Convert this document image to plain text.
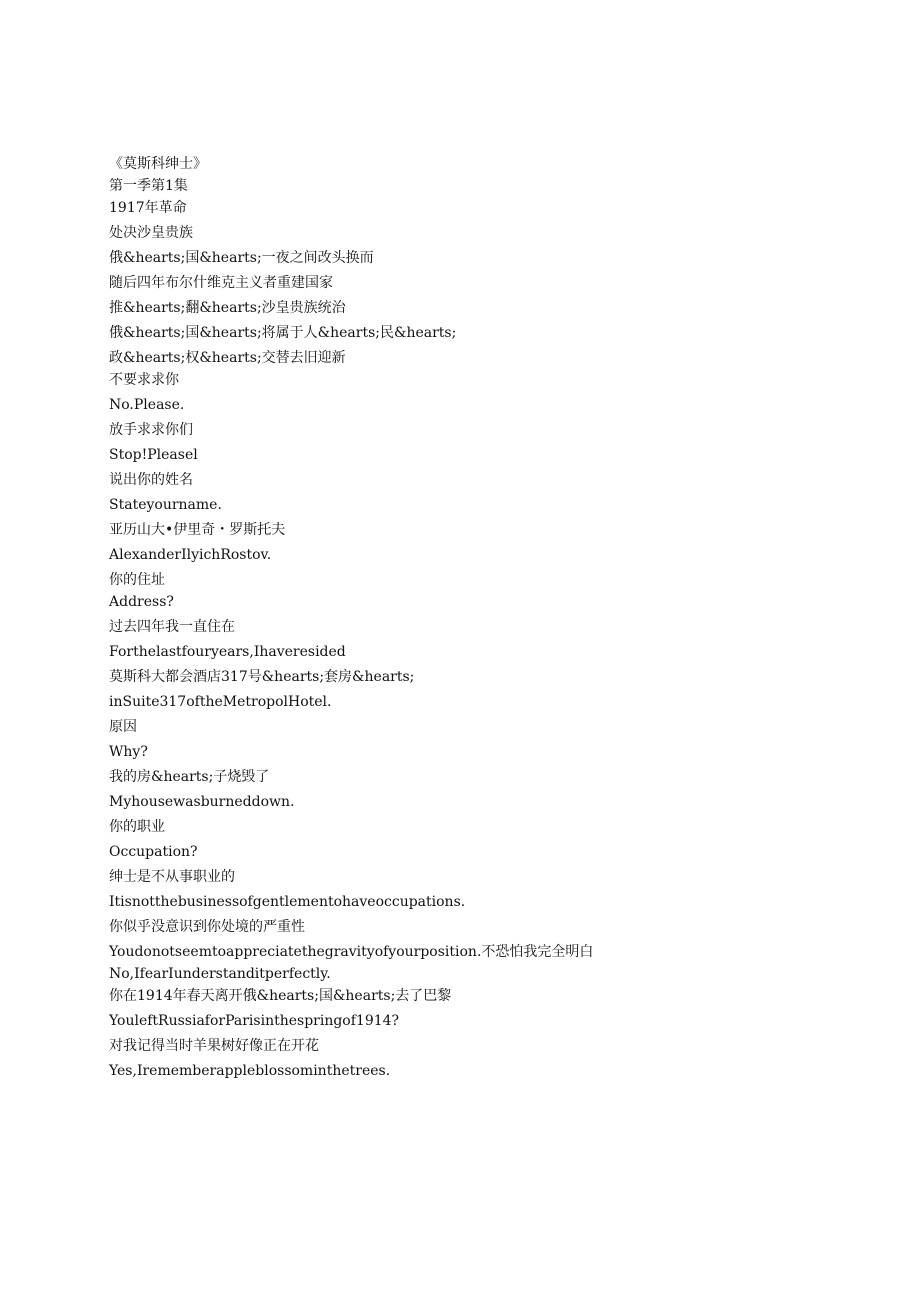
《莫斯科绅士》
第一季第1集
1917年革命
处决沙皇贵族
俄&hearts;国&hearts;一夜之间改头换而
随后四年布尔什维克主义者重建国家
推&hearts;翻&hearts;沙皇贵族统治
俄&hearts;国&hearts;将属于人&hearts;民&hearts;
政&hearts;权&hearts;交替去旧迎新
不要求求你
No.Please.
放手求求你们
Stop!Pleasel
说出你的姓名
Stateyourname.
亚历山大•伊里奇・罗斯托夫
AlexanderIlyichRostov.
你的住址
Address?
过去四年我一直住在
Forthelastfouryears,Ihaveresided
莫斯科大都会酒店317号&hearts;套房&hearts;
inSuite317oftheMetropolHotel.
原因
Why?
我的房&hearts;子烧毁了
Myhousewasburneddown.
你的职业
Occupation?
绅士是不从事职业的
Itisnotthebusinessofgentlementohaveoccupations.
你似乎没意识到你处境的严重性
Youdonotseemtoappreciatethegravityofyourposition.不恐怕我完全明白
No,IfearIunderstanditperfectly.
你在1914年春天离开俄&hearts;国&hearts;去了巴黎
YouleftRussiaforParisinthespringof1914?
对我记得当时羊果树好像正在开花
Yes,Irememberappleblossominthetrees.
